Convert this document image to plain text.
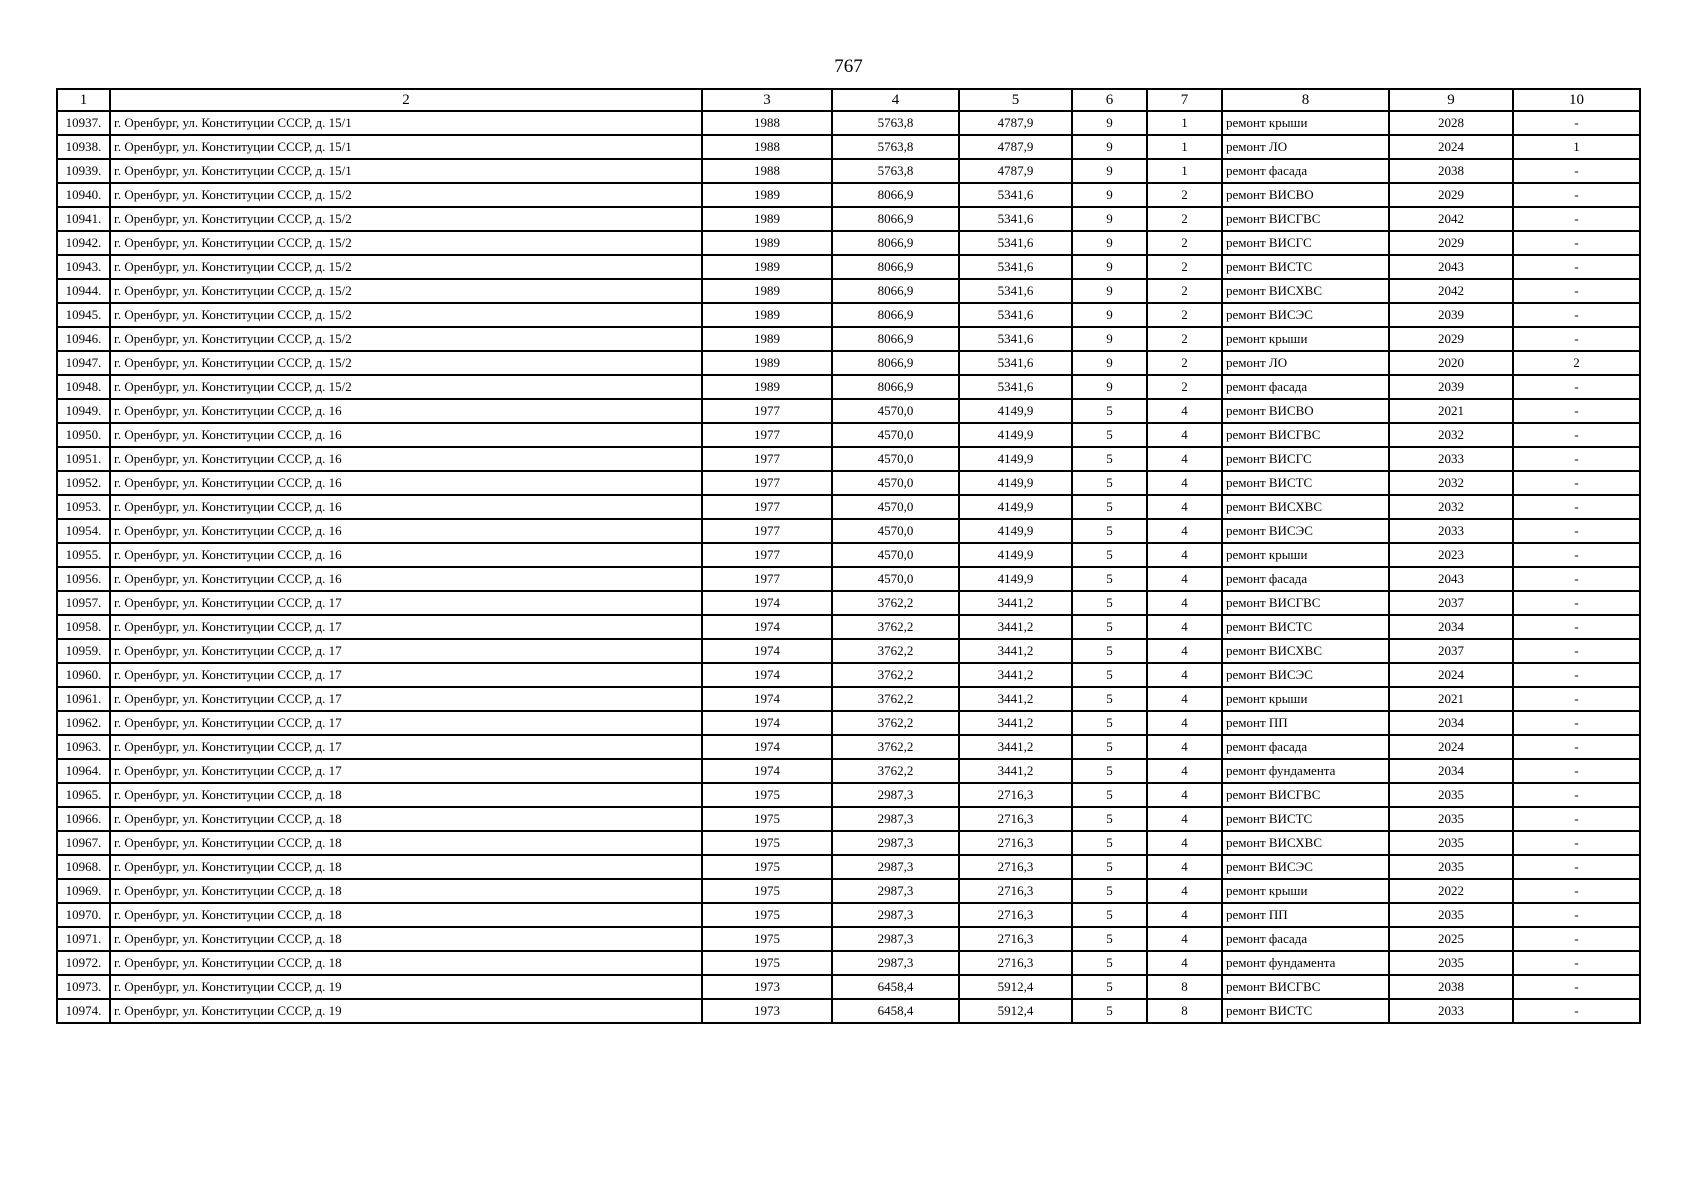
767
1	2	3	4	5	6	7	8	9	10
10937.	г. Оренбург, ул. Конституции СССР, д. 15/1	1988	5763,8	4787,9	9	1	ремонт крыши	2028	-
10938.	г. Оренбург, ул. Конституции СССР, д. 15/1	1988	5763,8	4787,9	9	1	ремонт ЛО	2024	1
10939.	г. Оренбург, ул. Конституции СССР, д. 15/1	1988	5763,8	4787,9	9	1	ремонт фасада	2038	-
10940.	г. Оренбург, ул. Конституции СССР, д. 15/2	1989	8066,9	5341,6	9	2	ремонт ВИСВО	2029	-
10941.	г. Оренбург, ул. Конституции СССР, д. 15/2	1989	8066,9	5341,6	9	2	ремонт ВИСГВС	2042	-
10942.	г. Оренбург, ул. Конституции СССР, д. 15/2	1989	8066,9	5341,6	9	2	ремонт ВИСГС	2029	-
10943.	г. Оренбург, ул. Конституции СССР, д. 15/2	1989	8066,9	5341,6	9	2	ремонт ВИСТС	2043	-
10944.	г. Оренбург, ул. Конституции СССР, д. 15/2	1989	8066,9	5341,6	9	2	ремонт ВИСХВС	2042	-
10945.	г. Оренбург, ул. Конституции СССР, д. 15/2	1989	8066,9	5341,6	9	2	ремонт ВИСЭС	2039	-
10946.	г. Оренбург, ул. Конституции СССР, д. 15/2	1989	8066,9	5341,6	9	2	ремонт крыши	2029	-
10947.	г. Оренбург, ул. Конституции СССР, д. 15/2	1989	8066,9	5341,6	9	2	ремонт ЛО	2020	2
10948.	г. Оренбург, ул. Конституции СССР, д. 15/2	1989	8066,9	5341,6	9	2	ремонт фасада	2039	-
10949.	г. Оренбург, ул. Конституции СССР, д. 16	1977	4570,0	4149,9	5	4	ремонт ВИСВО	2021	-
10950.	г. Оренбург, ул. Конституции СССР, д. 16	1977	4570,0	4149,9	5	4	ремонт ВИСГВС	2032	-
10951.	г. Оренбург, ул. Конституции СССР, д. 16	1977	4570,0	4149,9	5	4	ремонт ВИСГС	2033	-
10952.	г. Оренбург, ул. Конституции СССР, д. 16	1977	4570,0	4149,9	5	4	ремонт ВИСТС	2032	-
10953.	г. Оренбург, ул. Конституции СССР, д. 16	1977	4570,0	4149,9	5	4	ремонт ВИСХВС	2032	-
10954.	г. Оренбург, ул. Конституции СССР, д. 16	1977	4570,0	4149,9	5	4	ремонт ВИСЭС	2033	-
10955.	г. Оренбург, ул. Конституции СССР, д. 16	1977	4570,0	4149,9	5	4	ремонт крыши	2023	-
10956.	г. Оренбург, ул. Конституции СССР, д. 16	1977	4570,0	4149,9	5	4	ремонт фасада	2043	-
10957.	г. Оренбург, ул. Конституции СССР, д. 17	1974	3762,2	3441,2	5	4	ремонт ВИСГВС	2037	-
10958.	г. Оренбург, ул. Конституции СССР, д. 17	1974	3762,2	3441,2	5	4	ремонт ВИСТС	2034	-
10959.	г. Оренбург, ул. Конституции СССР, д. 17	1974	3762,2	3441,2	5	4	ремонт ВИСХВС	2037	-
10960.	г. Оренбург, ул. Конституции СССР, д. 17	1974	3762,2	3441,2	5	4	ремонт ВИСЭС	2024	-
10961.	г. Оренбург, ул. Конституции СССР, д. 17	1974	3762,2	3441,2	5	4	ремонт крыши	2021	-
10962.	г. Оренбург, ул. Конституции СССР, д. 17	1974	3762,2	3441,2	5	4	ремонт ПП	2034	-
10963.	г. Оренбург, ул. Конституции СССР, д. 17	1974	3762,2	3441,2	5	4	ремонт фасада	2024	-
10964.	г. Оренбург, ул. Конституции СССР, д. 17	1974	3762,2	3441,2	5	4	ремонт фундамента	2034	-
10965.	г. Оренбург, ул. Конституции СССР, д. 18	1975	2987,3	2716,3	5	4	ремонт ВИСГВС	2035	-
10966.	г. Оренбург, ул. Конституции СССР, д. 18	1975	2987,3	2716,3	5	4	ремонт ВИСТС	2035	-
10967.	г. Оренбург, ул. Конституции СССР, д. 18	1975	2987,3	2716,3	5	4	ремонт ВИСХВС	2035	-
10968.	г. Оренбург, ул. Конституции СССР, д. 18	1975	2987,3	2716,3	5	4	ремонт ВИСЭС	2035	-
10969.	г. Оренбург, ул. Конституции СССР, д. 18	1975	2987,3	2716,3	5	4	ремонт крыши	2022	-
10970.	г. Оренбург, ул. Конституции СССР, д. 18	1975	2987,3	2716,3	5	4	ремонт ПП	2035	-
10971.	г. Оренбург, ул. Конституции СССР, д. 18	1975	2987,3	2716,3	5	4	ремонт фасада	2025	-
10972.	г. Оренбург, ул. Конституции СССР, д. 18	1975	2987,3	2716,3	5	4	ремонт фундамента	2035	-
10973.	г. Оренбург, ул. Конституции СССР, д. 19	1973	6458,4	5912,4	5	8	ремонт ВИСГВС	2038	-
10974.	г. Оренбург, ул. Конституции СССР, д. 19	1973	6458,4	5912,4	5	8	ремонт ВИСТС	2033	-
